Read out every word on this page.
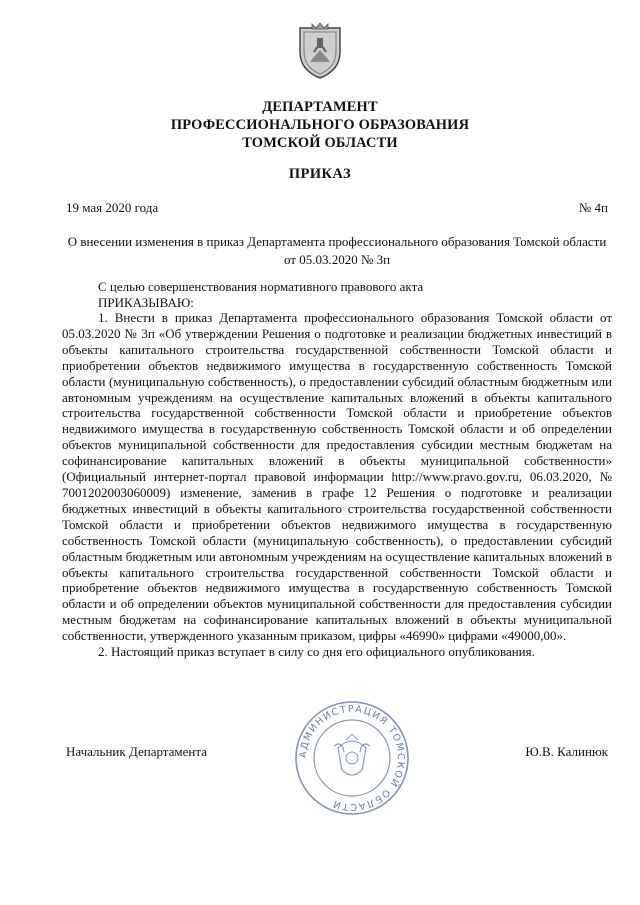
ДЕПАРТАМЕНТ
ПРОФЕССИОНАЛЬНОГО ОБРАЗОВАНИЯ
ТОМСКОЙ ОБЛАСТИ
ПРИКАЗ
19 мая 2020 года	№ 4п
О внесении изменения в приказ Департамента профессионального образования Томской области от 05.03.2020 № 3п
С целью совершенствования нормативного правового акта
ПРИКАЗЫВАЮ:

1. Внести в приказ Департамента профессионального образования Томской области от 05.03.2020 № 3п «Об утверждении Решения о подготовке и реализации бюджетных инвестиций в объекты капитального строительства государственной собственности Томской области и приобретении объектов недвижимого имущества в государственную собственность Томской области (муниципальную собственность), о предоставлении субсидий областным бюджетным или автономным учреждениям на осуществление капитальных вложений в объекты капитального строительства государственной собственности Томской области и приобретение объектов недвижимого имущества в государственную собственность Томской области и об определении объектов муниципальной собственности для предоставления субсидии местным бюджетам на софинансирование капитальных вложений в объекты муниципальной собственности» (Официальный интернет-портал правовой информации http://www.pravo.gov.ru, 06.03.2020, № 7001202003060009) изменение, заменив в графе 12 Решения о подготовке и реализации бюджетных инвестиций в объекты капитального строительства государственной собственности Томской области и приобретении объектов недвижимого имущества в государственную собственность Томской области (муниципальную собственность), о предоставлении субсидий областным бюджетным или автономным учреждениям на осуществление капитальных вложений в объекты капитального строительства государственной собственности Томской области и приобретение объектов недвижимого имущества в государственную собственность Томской области и об определении объектов муниципальной собственности для предоставления субсидии местным бюджетам на софинансирование капитальных вложений в объекты муниципальной собственности, утвержденного указанным приказом, цифры «46990» цифрами «49000,00».

2. Настоящий приказ вступает в силу со дня его официального опубликования.

Начальник Департамента	Ю.В. Калинюк
АДМИНИСТРАЦИЯ ТОМСКОЙ ОБЛАСТИ
